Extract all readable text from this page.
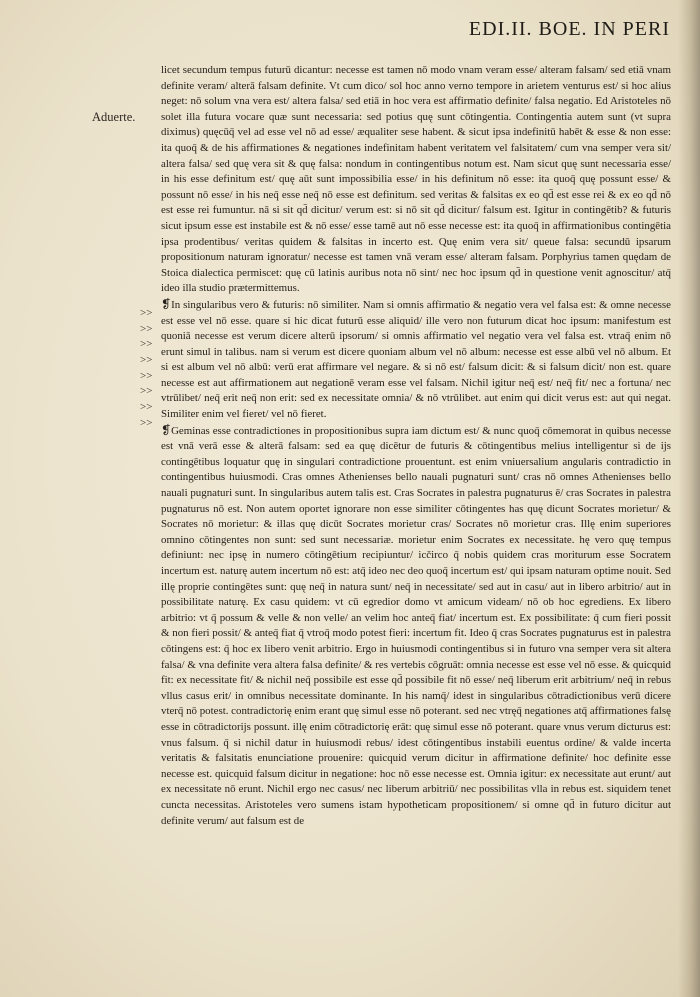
EDI.II. BOE. IN PERI
Aduerte.
>>
>>
>>
>>
>>
>>
>>
>>

licet secundum tempus futurū dicantur: necesse est tamen nō modo vnam veram esse/ alteram falsam/ sed etiā vnam definite veram/ alterā falsam definite. Vt cum dico/ sol hoc anno verno tempore in arietem venturus est/ si hoc alius neget: nō solum vna vera est/ altera falsa/ sed etiā in hoc vera est affirmatio definite/ falsa negatio. Ed Aristoteles nō solet illa futura vocare quæ sunt necessaria: sed potius quę sunt cōtingentia. Contingentia autem sunt (vt supra diximus) quęcūq̄ vel ad esse vel nō ad esse/ æqualiter sese habent. & sicut ipsa indefinitū habēt & esse & non esse: ita quoq̄ & de his affirmationes & negationes indefinitam habent veritatem vel falsitatem/ cum vna semper vera sit/ altera falsa/ sed quę vera sit & quę falsa: nondum in contingentibus notum est. Nam sicut quę sunt necessaria esse/ in his esse definitum est/ quę aūt sunt impossibilia esse/ in his definitum nō esse: ita quoq̄ quę possunt esse/ & possunt nō esse/ in his neq̄ esse neq̄ nō esse est definitum. sed veritas & falsitas ex eo qd̄ est esse rei & ex eo qd̄ nō est esse rei fumuntur. nā si sit qd̄ dicitur/ verum est: si nō sit qd̄ dicitur/ falsum est. Igitur in contingētib? & futuris sicut ipsum esse est instabile est & nō esse/ esse tamē aut nō esse necesse est: ita quoq̄ in affirmationibus contingētia ipsa prodentibus/ veritas quidem & falsitas in incerto est. Quę enim vera sit/ queue falsa: secundū ipsarum propositionum naturam ignoratur/ necesse est tamen vnā veram esse/ alteram falsam. Porphyrius tamen quędam de Stoica dialectica permiscet: quę cū latinis auribus nota nō sint/ nec hoc ipsum qd̄ in questione venit agnoscitur/ atq̄ ideo illa studio prætermittemus.

❡In singularibus vero & futuris: nō similiter. Nam si omnis affirmatio & negatio vera vel falsa est: & omne necesse est esse vel nō esse. quare si hic dicat futurū esse aliquid/ ille vero non futurum dicat hoc ipsum: manifestum est quoniā necesse est verum dicere alterū ipsorum/ si omnis affirmatio vel negatio vera vel falsa est. vtraq̄ enim nō erunt simul in talibus. nam si verum est dicere quoniam album vel nō album: necesse est esse albū vel nō album. Et si est album vel nō albū: verū erat affirmare vel negare. & si nō est/ falsum dicit: & si falsum dicit/ non est. quare necesse est aut affirmationem aut negationē veram esse vel falsam. Nichil igitur neq̄ est/ neq̄ fit/ nec a fortuna/ nec vtrūlibet/ neq̄ erit neq̄ non erit: sed ex necessitate omnia/ & nō vtrūlibet. aut enim qui dicit verus est: aut qui negat. Similiter enim vel fieret/ vel nō fieret.

❡Geminas esse contradictiones in propositionibus supra iam dictum est/ & nunc quoq̄ cōmemorat in quibus necesse est vnā verā esse & alterā falsam: sed ea quę dicētur de futuris & cōtingentibus melius intelligentur si de ijs contingētibus loquatur quę in singulari contradictione prouentunt. est enim vniuersalium angularis contradictio in contingentibus huiusmodi. Cras omnes Athenienses bello nauali pugnaturi sunt/ cras nō omnes Athenienses bello nauali pugnaturi sunt. In singularibus autem talis est. Cras Socrates in palestra pugnaturus ē/ cras Socrates in palestra pugnaturus nō est. Non autem oportet ignorare non esse similiter cōtingentes has quę dicunt Socrates morietur/ & Socrates nō morietur: & illas quę dicūt Socrates morietur cras/ Socrates nō morietur cras. Illę enim superiores omnino cōtingentes non sunt: sed sunt necessariæ. morietur enim Socrates ex necessitate. hę vero quę tempus definiunt: nec ipsę in numero cōtingētium recipiuntur/ icčirco q̄ nobis quidem cras moriturum esse Socratem incertum est. naturę autem incertum nō est: atq̄ ideo nec deo quoq̄ incertum est/ qui ipsam naturam optime nouit. Sed illę proprie contingētes sunt: quę neq̄ in natura sunt/ neq̄ in necessitate/ sed aut in casu/ aut in libero arbitrio/ aut in possibilitate naturę. Ex casu quidem: vt cū egredior domo vt amicum videam/ nō ob hoc egrediens. Ex libero arbitrio: vt q̄ possum & velle & non velle/ an velim hoc anteq̄ fiat/ incertum est. Ex possibilitate: q̄ cum fieri possit & non fieri possit/ & anteq̄ fiat q̄ vtroq̄ modo potest fieri: incertum fit. Ideo q̄ cras Socrates pugnaturus est in palestra cōtingens est: q̄ hoc ex libero venit arbitrio. Ergo in huiusmodi contingentibus si in futuro vna semper vera sit altera falsa/ & vna definite vera altera falsa definite/ & res vertebis cōgruāt: omnia necesse est esse vel nō esse. & quicquid fit: ex necessitate fit/ & nichil neq̄ possibile est esse qd̄ possibile fit nō esse/ neq̄ liberum erit arbitrium/ neq̄ in rebus vllus casus erit/ in omnibus necessitate dominante. In his namq̄/ idest in singularibus cōtradictionibus verū dicere vterq̄ nō potest. contradictorię enim erant quę simul esse nō poterant. sed nec vtręq̄ negationes atq̄ affirmationes falsę esse in cōtradictorijs possunt. illę enim cōtradictorię erāt: quę simul esse nō poterant. quare vnus verum dicturus est: vnus falsum. q̄ si nichil datur in huiusmodi rebus/ idest cōtingentibus instabili euentus ordine/ & valde incerta veritatis & falsitatis enunciatione prouenire: quicquid verum dicitur in affirmatione definite/ hoc definite esse necesse est. quicquid falsum dicitur in negatione: hoc nō esse necesse est. Omnia igitur: ex necessitate aut erunt/ aut ex necessitate nō erunt. Nichil ergo nec casus/ nec liberum arbitriū/ nec possibilitas vlla in rebus est. siquidem tenet cuncta necessitas. Aristoteles vero sumens istam hypotheticam propositionem/ si omne qd̄ in futuro dicitur aut definite verum/ aut falsum est de
